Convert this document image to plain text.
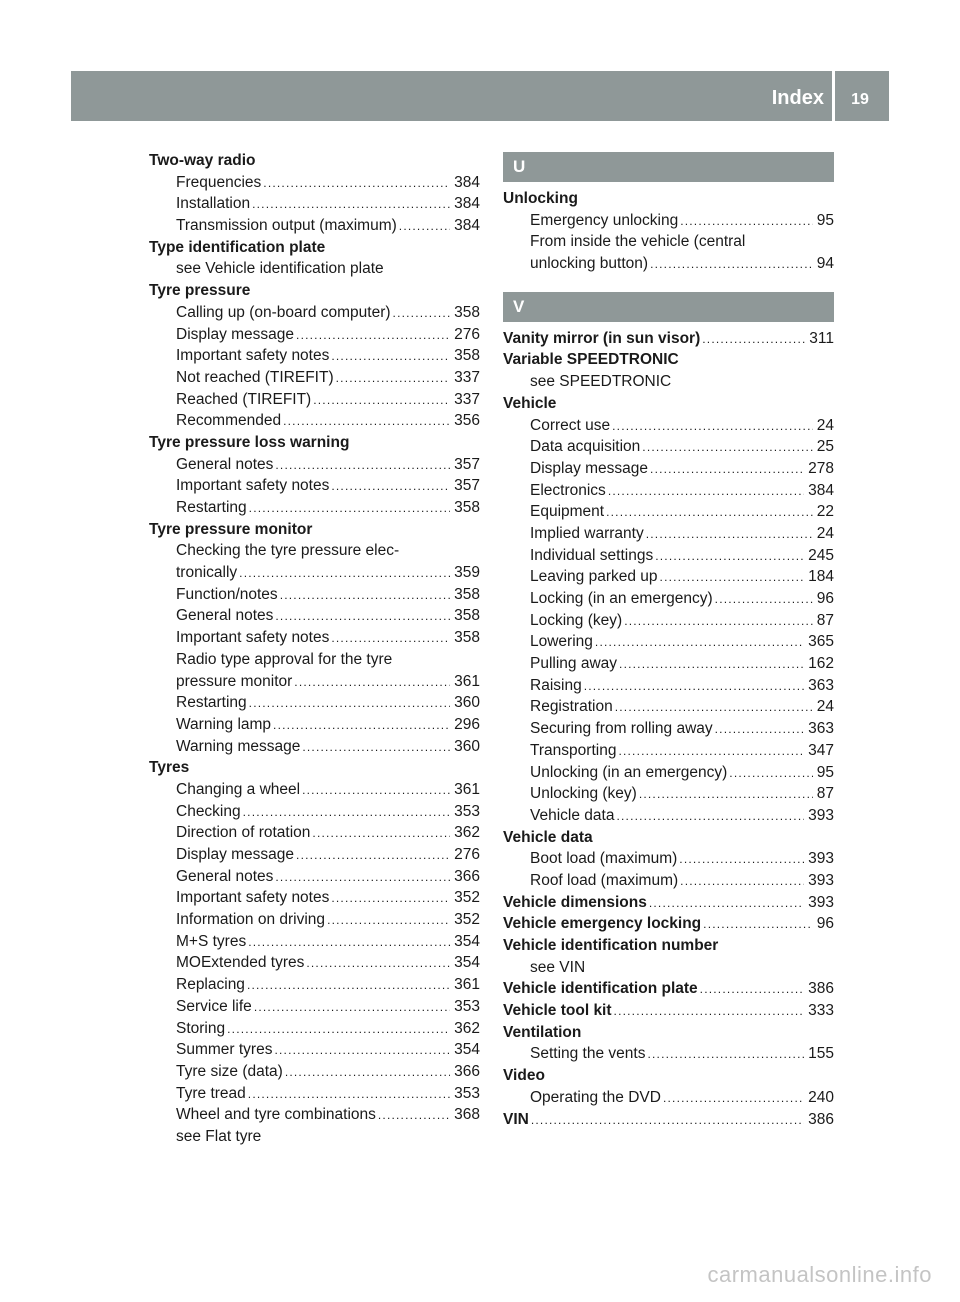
Index	19
Two-way radio
Frequencies .....	384
Installation .....	384
Transmission output (maximum) .....	384
Type identification plate
see Vehicle identification plate
Tyre pressure
Calling up (on-board computer) .....	358
Display message .....	276
Important safety notes .....	358
Not reached (TIREFIT) .....	337
Reached (TIREFIT) .....	337
Recommended .....	356
Tyre pressure loss warning
General notes .....	357
Important safety notes .....	357
Restarting .....	358
Tyre pressure monitor
Checking the tyre pressure elec-
tronically .....	359
Function/notes .....	358
General notes .....	358
Important safety notes .....	358
Radio type approval for the tyre
pressure monitor .....	361
Restarting .....	360
Warning lamp .....	296
Warning message .....	360
Tyres
Changing a wheel .....	361
Checking .....	353
Direction of rotation .....	362
Display message .....	276
General notes .....	366
Important safety notes .....	352
Information on driving .....	352
M+S tyres .....	354
MOExtended tyres .....	354
Replacing .....	361
Service life .....	353
Storing .....	362
Summer tyres .....	354
Tyre size (data) .....	366
Tyre tread .....	353
Wheel and tyre combinations .....	368
see Flat tyre
U
Unlocking
Emergency unlocking .....	95
From inside the vehicle (central
unlocking button) .....	94
V
Vanity mirror (in sun visor) .....	311
Variable SPEEDTRONIC
see SPEEDTRONIC
Vehicle
Correct use .....	24
Data acquisition .....	25
Display message .....	278
Electronics .....	384
Equipment .....	22
Implied warranty .....	24
Individual settings .....	245
Leaving parked up .....	184
Locking (in an emergency) .....	96
Locking (key) .....	87
Lowering .....	365
Pulling away .....	162
Raising .....	363
Registration .....	24
Securing from rolling away .....	363
Transporting .....	347
Unlocking (in an emergency) .....	95
Unlocking (key) .....	87
Vehicle data .....	393
Vehicle data
Boot load (maximum) .....	393
Roof load (maximum) .....	393
Vehicle dimensions .....	393
Vehicle emergency locking .....	96
Vehicle identification number
see VIN
Vehicle identification plate .....	386
Vehicle tool kit .....	333
Ventilation
Setting the vents .....	155
Video
Operating the DVD .....	240
VIN .....	386
carmanualsonline.info
